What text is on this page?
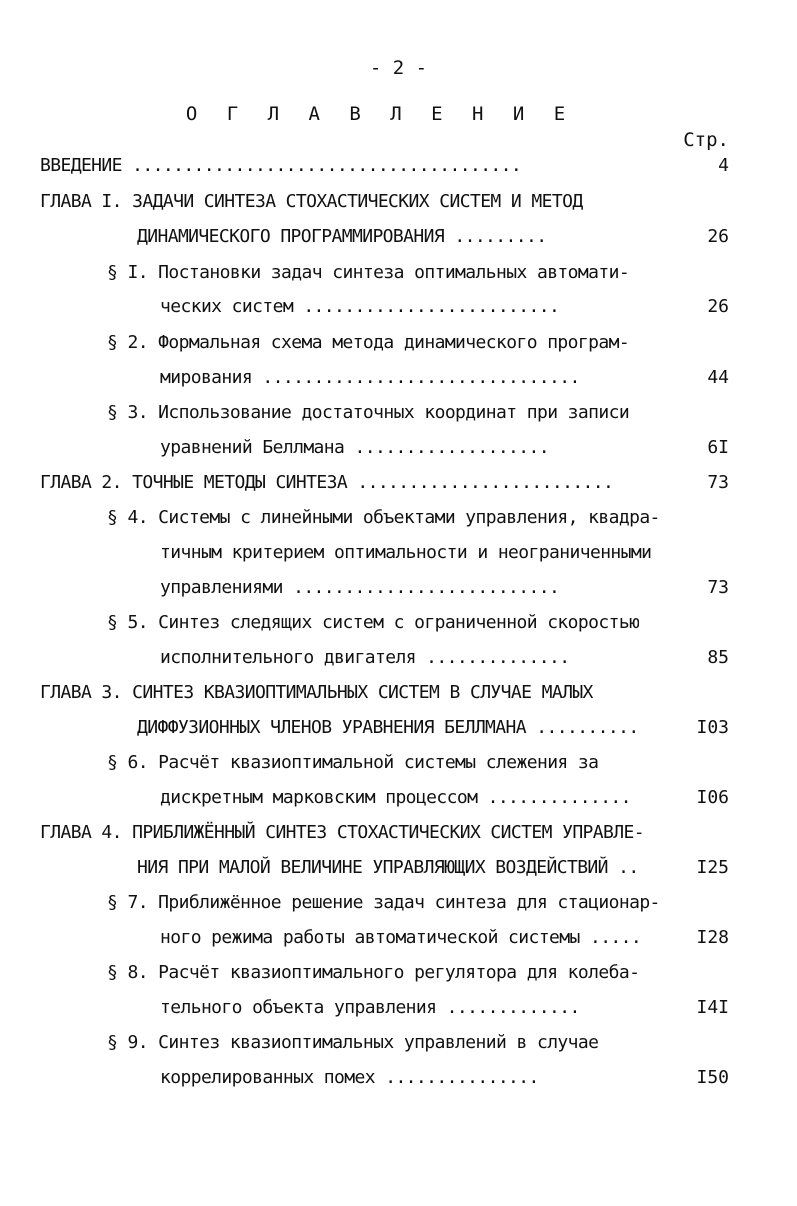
- 2 -
О Г Л А В Л Е Н И Е
Стр.
ВВЕДЕНИЕ ......................................	4
ГЛАВА I. ЗАДАЧИ СИНТЕЗА СТОХАСТИЧЕСКИХ СИСТЕМ И МЕТОД
ДИНАМИЧЕСКОГО ПРОГРАММИРОВАНИЯ .........	26
§ I. Постановки задач синтеза оптимальных автомати-
ческих систем .........................	26
§ 2. Формальная схема метода динамического програм-
мирования ...............................	44
§ 3. Использование достаточных координат при записи
уравнений Беллмана ...................	6I
ГЛАВА 2. ТОЧНЫЕ МЕТОДЫ СИНТЕЗА .........................	73
§ 4. Системы с линейными объектами управления, квадра-
тичным критерием оптимальности и неограниченными
управлениями ..........................	73
§ 5. Синтез следящих систем с ограниченной скоростью
исполнительного двигателя ..............	85
ГЛАВА 3. СИНТЕЗ КВАЗИОПТИМАЛЬНЫХ СИСТЕМ В СЛУЧАЕ МАЛЫХ
ДИФФУЗИОННЫХ ЧЛЕНОВ УРАВНЕНИЯ БЕЛЛМАНА ..........	I03
§ 6. Расчёт квазиоптимальной системы слежения за
дискретным марковским процессом ..............	I06
ГЛАВА 4. ПРИБЛИЖЁННЫЙ СИНТЕЗ СТОХАСТИЧЕСКИХ СИСТЕМ УПРАВЛЕ-
НИЯ ПРИ МАЛОЙ ВЕЛИЧИНЕ УПРАВЛЯЮЩИХ ВОЗДЕЙСТВИЙ ..	I25
§ 7. Приближённое решение задач синтеза для стационар-
ного режима работы автоматической системы .....	I28
§ 8. Расчёт квазиоптимального регулятора для колеба-
тельного объекта управления .............	I4I
§ 9. Синтез квазиоптимальных управлений в случае
коррелированных помех ...............	I50
